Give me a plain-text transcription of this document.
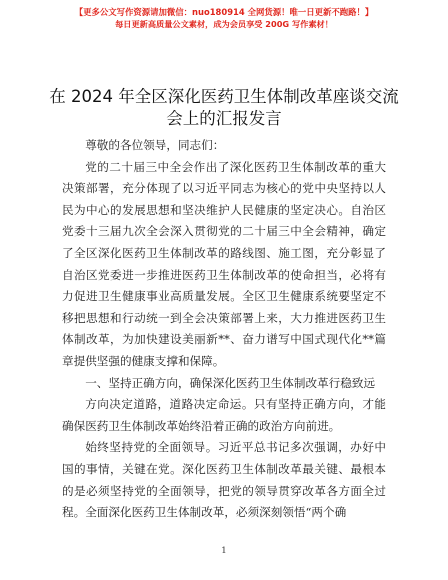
【更多公文写作资源请加微信：nuo180914 全网货源！唯一日更新不跑路！】
每日更新高质量公文素材，成为会员享受 200G 写作素材！
在 2024 年全区深化医药卫生体制改革座谈交流
会上的汇报发言

尊敬的各位领导，同志们：

党的二十届三中全会作出了深化医药卫生体制改革的重大决策部署，充分体现了以习近平同志为核心的党中央坚持以人民为中心的发展思想和坚决维护人民健康的坚定决心。自治区党委十三届九次全会深入贯彻党的二十届三中全会精神，确定了全区深化医药卫生体制改革的路线图、施工图，充分彰显了自治区党委进一步推进医药卫生体制改革的使命担当，必将有力促进卫生健康事业高质量发展。全区卫生健康系统要坚定不移把思想和行动统一到全会决策部署上来，大力推进医药卫生体制改革，为加快建设美丽新**、奋力谱写中国式现代化**篇章提供坚强的健康支撑和保障。

一、坚持正确方向，确保深化医药卫生体制改革行稳致远

方向决定道路，道路决定命运。只有坚持正确方向，才能确保医药卫生体制改革始终沿着正确的政治方向前进。

始终坚持党的全面领导。习近平总书记多次强调，办好中国的事情，关键在党。深化医药卫生体制改革最关键、最根本的是必须坚持党的全面领导，把党的领导贯穿改革各方面全过程。全面深化医药卫生体制改革，必须深刻领悟“两个确

1
